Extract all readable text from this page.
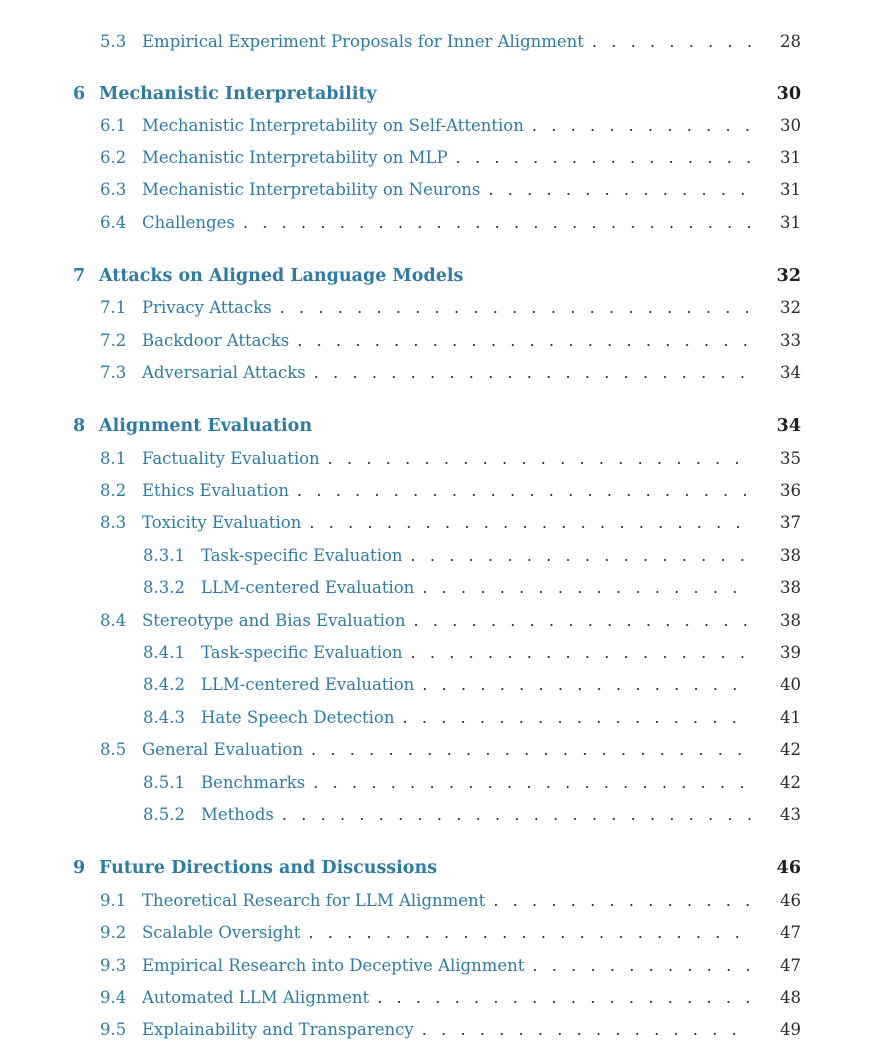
5.3 Empirical Experiment Proposals for Inner Alignment . . .	28
6 Mechanistic Interpretability	30
6.1 Mechanistic Interpretability on Self-Attention . . .	30
6.2 Mechanistic Interpretability on MLP . . .	31
6.3 Mechanistic Interpretability on Neurons . . .	31
6.4 Challenges . . .	31
7 Attacks on Aligned Language Models	32
7.1 Privacy Attacks . . .	32
7.2 Backdoor Attacks . . .	33
7.3 Adversarial Attacks . . .	34
8 Alignment Evaluation	34
8.1 Factuality Evaluation . . .	35
8.2 Ethics Evaluation . . .	36
8.3 Toxicity Evaluation . . .	37
8.3.1 Task-specific Evaluation . . .	38
8.3.2 LLM-centered Evaluation . . .	38
8.4 Stereotype and Bias Evaluation . . .	38
8.4.1 Task-specific Evaluation . . .	39
8.4.2 LLM-centered Evaluation . . .	40
8.4.3 Hate Speech Detection . . .	41
8.5 General Evaluation . . .	42
8.5.1 Benchmarks . . .	42
8.5.2 Methods . . .	43
9 Future Directions and Discussions	46
9.1 Theoretical Research for LLM Alignment . . .	46
9.2 Scalable Oversight . . .	47
9.3 Empirical Research into Deceptive Alignment . . .	47
9.4 Automated LLM Alignment . . .	48
9.5 Explainability and Transparency . . .	49
